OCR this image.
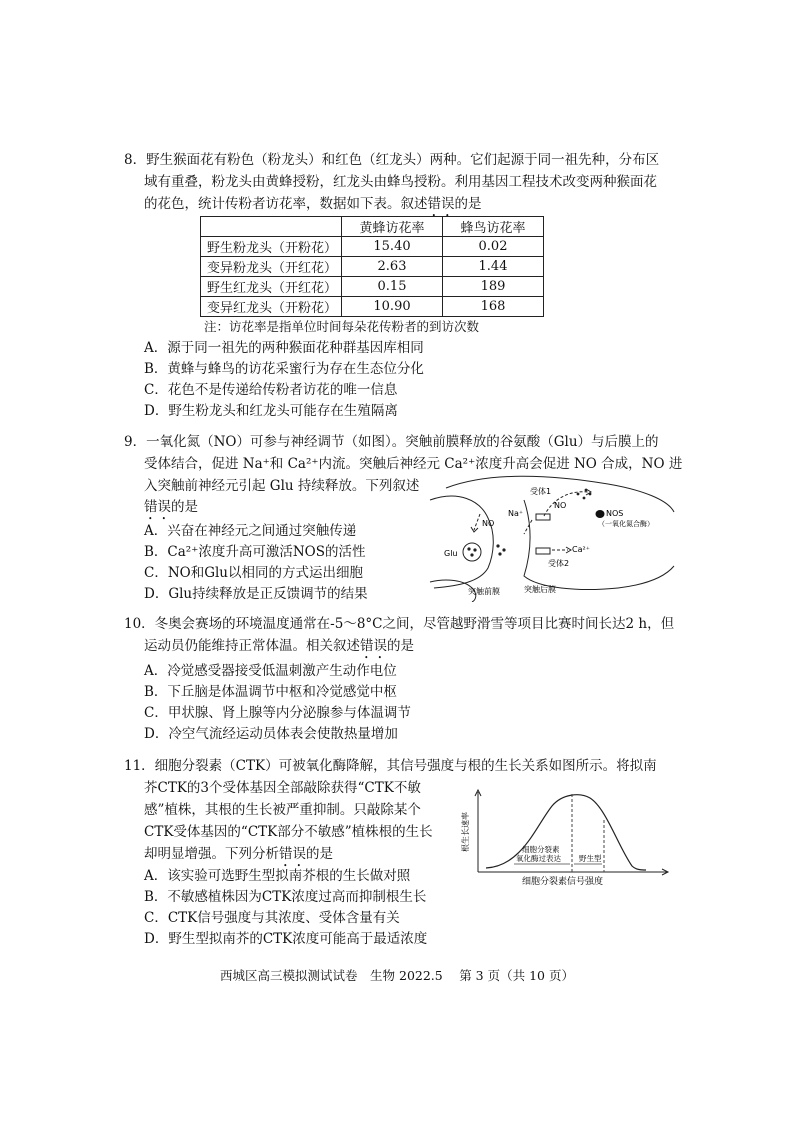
8．野生猴面花有粉色（粉龙头）和红色（红龙头）两种。它们起源于同一祖先种，分布区
域有重叠，粉龙头由黄蜂授粉，红龙头由蜂鸟授粉。利用基因工程技术改变两种猴面花
的花色，统计传粉者访花率，数据如下表。叙述错误的是
	黄蜂访花率	蜂鸟访花率
野生粉龙头（开粉花）	15.40	0.02
变异粉龙头（开红花）	2.63	1.44
野生红龙头（开红花）	0.15	189
变异红龙头（开粉花）	10.90	168
注：访花率是指单位时间每朵花传粉者的到访次数
A．源于同一祖先的两种猴面花种群基因库相同
B．黄蜂与蜂鸟的访花采蜜行为存在生态位分化
C．花色不是传递给传粉者访花的唯一信息
D．野生粉龙头和红龙头可能存在生殖隔离
9．一氧化氮（NO）可参与神经调节（如图）。突触前膜释放的谷氨酸（Glu）与后膜上的
受体结合，促进 Na⁺和 Ca²⁺内流。突触后神经元 Ca²⁺浓度升高会促进 NO 合成，NO 进
入突触前神经元引起 Glu 持续释放。下列叙述
错误的是
A．兴奋在神经元之间通过突触传递
B．Ca²⁺浓度升高可激活NOS的活性
C．NO和Glu以相同的方式运出细胞
D．Glu持续释放是正反馈调节的结果
受体1
Na⁺
NO
NO
NOS
（一氧化氮合酶）
Ca²⁺
Glu
受体2
突触前膜	突触后膜
10．冬奥会赛场的环境温度通常在-5～8°C之间，尽管越野滑雪等项目比赛时间长达2 h，但
运动员仍能维持正常体温。相关叙述错误的是
A．冷觉感受器接受低温刺激产生动作电位
B．下丘脑是体温调节中枢和冷觉感觉中枢
C．甲状腺、肾上腺等内分泌腺参与体温调节
D．冷空气流经运动员体表会使散热量增加
11．细胞分裂素（CTK）可被氧化酶降解，其信号强度与根的生长关系如图所示。将拟南
芥CTK的3个受体基因全部敲除获得“CTK不敏
感”植株，其根的生长被严重抑制。只敲除某个
CTK受体基因的“CTK部分不敏感”植株根的生长
却明显增强。下列分析错误的是
A．该实验可选野生型拟南芥根的生长做对照
B．不敏感植株因为CTK浓度过高而抑制根生长
C．CTK信号强度与其浓度、受体含量有关
D．野生型拟南芥的CTK浓度可能高于最适浓度
根生长速率
细胞分裂素信号强度
细胞分裂素
氧化酶过表达 野生型
西城区高三模拟测试试卷　生物 2022.5　 第 3 页（共 10 页）
